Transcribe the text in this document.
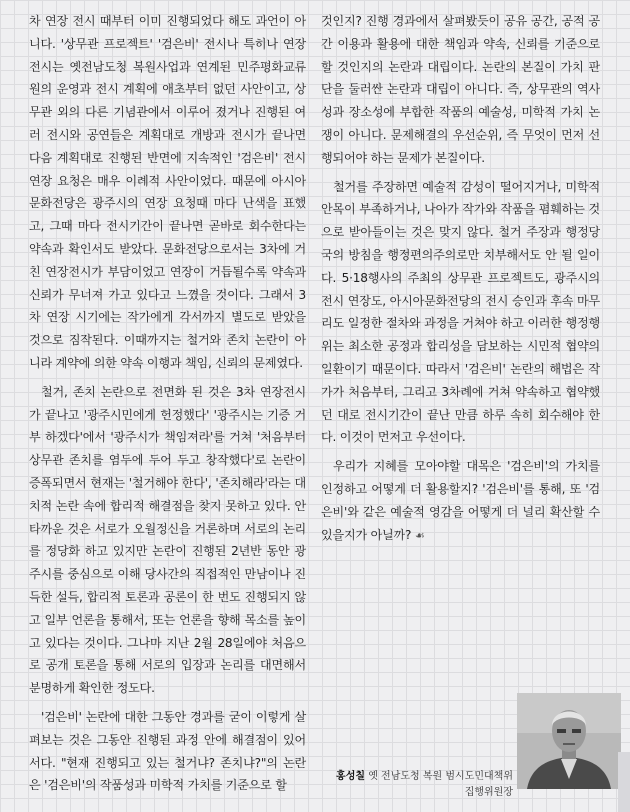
차 연장 전시 때부터 이미 진행되었다 해도 과언이 아니다. '상무관 프로젝트' '검은비' 전시나 특히나 연장 전시는 옛전남도청 복원사업과 연계된 민주평화교류원의 운영과 전시 계획에 애초부터 없던 사안이고, 상무관 외의 다른 기념관에서 이루어 졌거나 진행된 여러 전시와 공연들은 계획대로 개방과 전시가 끝나면 다음 계획대로 진행된 반면에 지속적인 '검은비' 전시 연장 요청은 매우 이례적 사안이었다. 때문에 아시아문화전당은 광주시의 연장 요청때 마다 난색을 표했고, 그때 마다 전시기간이 끝나면 곧바로 회수한다는 약속과 확인서도 받았다. 문화전당으로서는 3차에 거친 연장전시가 부담이었고 연장이 거듭될수록 약속과 신뢰가 무너져 가고 있다고 느꼈을 것이다. 그래서 3차 연장 시기에는 작가에게 각서까지 별도로 받았을 것으로 짐작된다. 이때까지는 철거와 존치 논란이 아니라 계약에 의한 약속 이행과 책임, 신뢰의 문제였다.

철거, 존치 논란으로 전면화 된 것은 3차 연장전시가 끝나고 '광주시민에게 헌정했다' '광주시는 기증 거부 하겠다'에서 '광주시가 책임져라'를 거쳐 '처음부터 상무관 존치를 염두에 두어 두고 창작했다'로 논란이 증폭되면서 현재는 '철거해야 한다', '존치해라'라는 대치적 논란 속에 합리적 해결점을 찾지 못하고 있다. 안타까운 것은 서로가 오월정신을 거론하며 서로의 논리를 정당화 하고 있지만 논란이 진행된 2년반 동안 광주시를 중심으로 이해 당사간의 직접적인 만남이나 진득한 설득, 합리적 토론과 공론이 한 번도 진행되지 않고 일부 언론을 통해서, 또는 언론을 향해 목소를 높이고 있다는 것이다. 그나마 지난 2월 28일에야 처음으로 공개 토론을 통해 서로의 입장과 논리를 대면해서 분명하게 확인한 정도다.

'검은비' 논란에 대한 그동안 경과를 굳이 이렇게 살펴보는 것은 그동안 진행된 과정 안에 해결점이 있어서다. "현재 진행되고 있는 철거냐? 존치냐?"의 논란은 '검은비'의 작품성과 미학적 가치를 기준으로 할

것인지? 진행 경과에서 살펴봤듯이 공유 공간, 공적 공간 이용과 활용에 대한 책임과 약속, 신뢰를 기준으로 할 것인지의 논란과 대립이다. 논란의 본질이 가치 판단을 둘러싼 논란과 대립이 아니다. 즉, 상무관의 역사성과 장소성에 부합한 작품의 예술성, 미학적 가치 논쟁이 아니다. 문제해결의 우선순위, 즉 무엇이 먼저 선행되어야 하는 문제가 본질이다.

철거를 주장하면 예술적 감성이 떨어지거나, 미학적 안목이 부족하거나, 나아가 작가와 작품을 폄훼하는 것으로 받아들이는 것은 맞지 않다. 철거 주장과 행정당국의 방침을 행정편의주의로만 치부해서도 안 될 일이다. 5·18행사의 주최의 상무관 프로젝트도, 광주시의 전시 연장도, 아시아문화전당의 전시 승인과 후속 마무리도 일정한 절차와 과정을 거쳐야 하고 이러한 행정행위는 최소한 공정과 합리성을 담보하는 시민적 협약의 일환이기 때문이다. 따라서 '검은비' 논란의 해법은 작가가 처음부터, 그리고 3차례에 거쳐 약속하고 협약했던 대로 전시기간이 끝난 만큼 하루 속히 회수해야 한다. 이것이 먼저고 우선이다.

우리가 지혜를 모아야할 대목은 '검은비'의 가치를 인정하고 어떻게 더 활용할지? '검은비'를 통해, 또 '검은비'와 같은 예술적 영감을 어떻게 더 널리 확산할 수 있을지가 아닐까? ☙

홍성칠 옛 전남도청 복원 범시도민대책위
집행위원장
